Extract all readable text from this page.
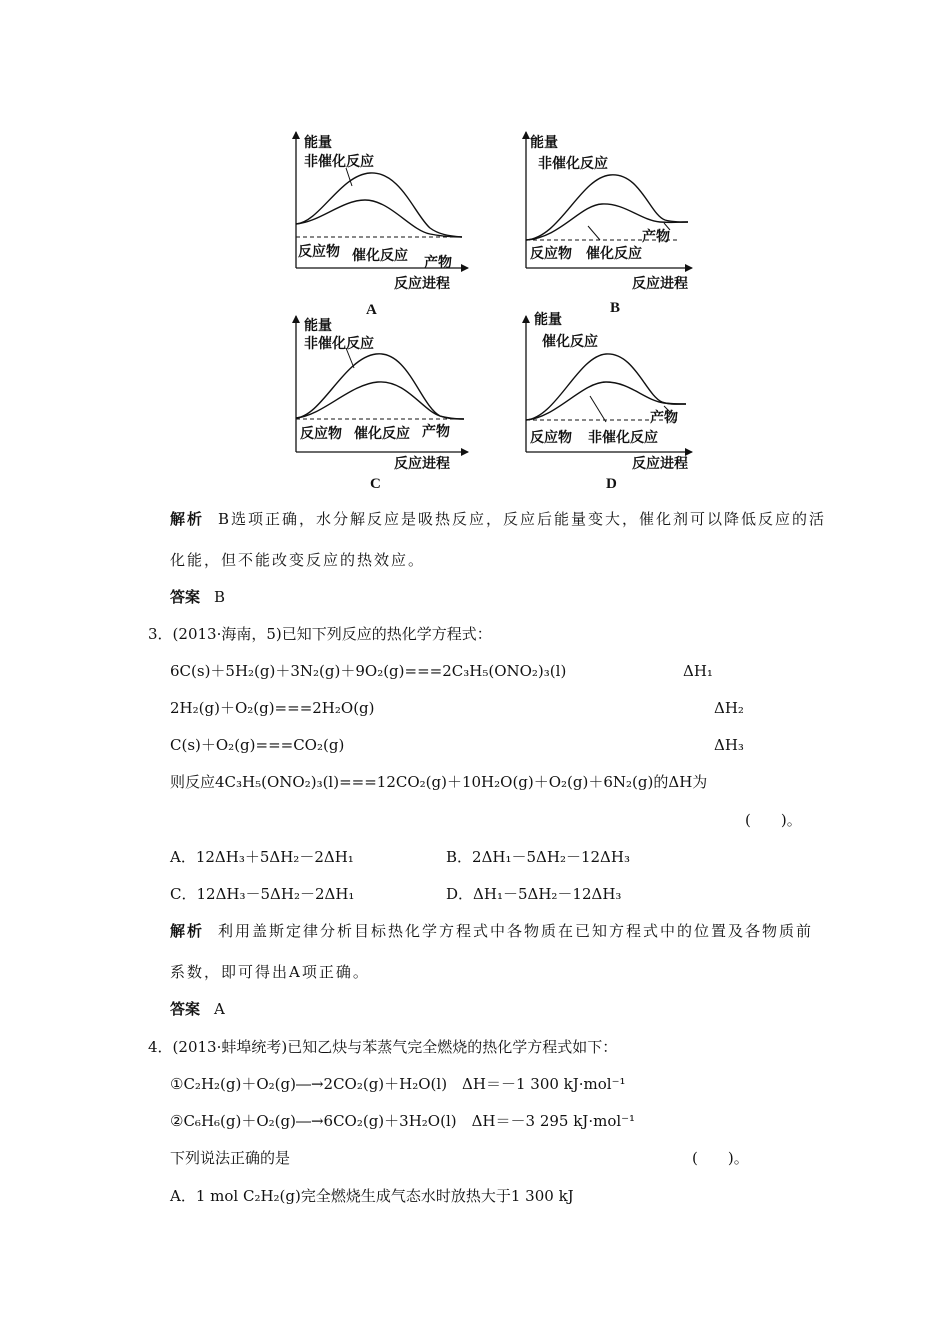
能量
非催化反应
反应物 催化反应 产物
反应进程
A
能量
非催化反应
反应物 催化反应
产物
反应进程
B
能量
非催化反应
反应物 催化反应 产物
反应进程
C
能量
催化反应
反应物 非催化反应
产物
反应进程
D
解析 B选项正确，水分解反应是吸热反应，反应后能量变大，催化剂可以降低反应的活
化能，但不能改变反应的热效应。
答案 B
3．(2013·海南，5)已知下列反应的热化学方程式：
6C(s)＋5H₂(g)＋3N₂(g)＋9O₂(g)===2C₃H₅(ONO₂)₃(l)	ΔH₁
2H₂(g)＋O₂(g)===2H₂O(g)	ΔH₂
C(s)＋O₂(g)===CO₂(g)	ΔH₃
则反应4C₃H₅(ONO₂)₃(l)===12CO₂(g)＋10H₂O(g)＋O₂(g)＋6N₂(g)的ΔH为
(　　)。
A．12ΔH₃＋5ΔH₂－2ΔH₁	B．2ΔH₁－5ΔH₂－12ΔH₃
C．12ΔH₃－5ΔH₂－2ΔH₁	D．ΔH₁－5ΔH₂－12ΔH₃
解析 利用盖斯定律分析目标热化学方程式中各物质在已知方程式中的位置及各物质前
系数，即可得出A项正确。
答案 A
4．(2013·蚌埠统考)已知乙炔与苯蒸气完全燃烧的热化学方程式如下：
①C₂H₂(g)＋O₂(g)―→2CO₂(g)＋H₂O(l)　ΔH＝－1 300 kJ·mol⁻¹
②C₆H₆(g)＋O₂(g)―→6CO₂(g)＋3H₂O(l)　ΔH＝－3 295 kJ·mol⁻¹
下列说法正确的是	(　　)。
A．1 mol C₂H₂(g)完全燃烧生成气态水时放热大于1 300 kJ
